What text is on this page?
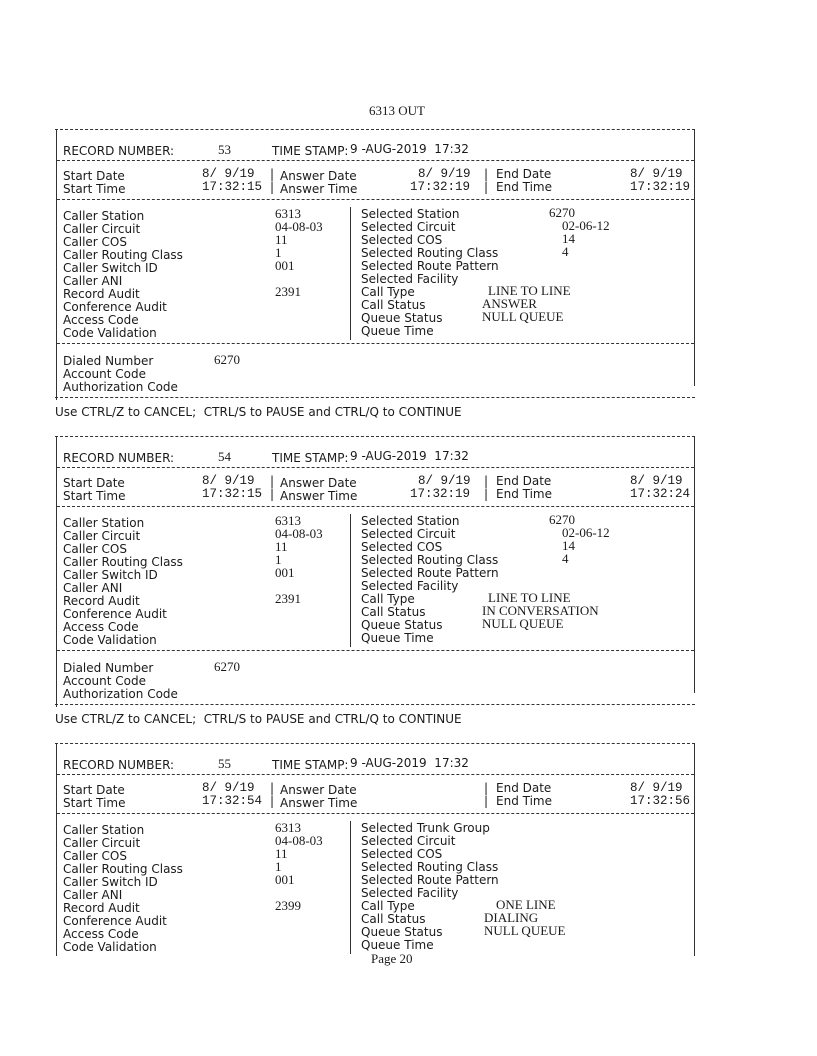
6313 OUT
RECORD NUMBER:	53	TIME STAMP: 9 -AUG-2019  17:32
Start Date	8/ 9/19 | Answer Date	8/ 9/19 | End Date	8/ 9/19
Start Time	17:32:15 | Answer Time	17:32:19 | End Time	17:32:19
Caller Station	6313	Selected Station	6270
Caller Circuit	04-08-03	Selected Circuit	02-06-12
Caller COS	11	Selected COS	14
Caller Routing Class	1	Selected Routing Class	4
Caller Switch ID	001	Selected Route Pattern
Caller ANI	Selected Facility
Record Audit	2391	Call Type	LINE TO LINE
Conference Audit	Call Status	ANSWER
Access Code	Queue Status	NULL QUEUE
Code Validation	Queue Time
Dialed Number	6270
Account Code
Authorization Code
Use CTRL/Z to CANCEL;  CTRL/S to PAUSE and CTRL/Q to CONTINUE
RECORD NUMBER:	54	TIME STAMP: 9 -AUG-2019  17:32
Start Date	8/ 9/19 | Answer Date	8/ 9/19 | End Date	8/ 9/19
Start Time	17:32:15 | Answer Time	17:32:19 | End Time	17:32:24
Caller Station	6313	Selected Station	6270
Caller Circuit	04-08-03	Selected Circuit	02-06-12
Caller COS	11	Selected COS	14
Caller Routing Class	1	Selected Routing Class	4
Caller Switch ID	001	Selected Route Pattern
Caller ANI	Selected Facility
Record Audit	2391	Call Type	LINE TO LINE
Conference Audit	Call Status	IN CONVERSATION
Access Code	Queue Status	NULL QUEUE
Code Validation	Queue Time
Dialed Number	6270
Account Code
Authorization Code
Use CTRL/Z to CANCEL;  CTRL/S to PAUSE and CTRL/Q to CONTINUE
RECORD NUMBER:	55	TIME STAMP: 9 -AUG-2019  17:32
Start Date	8/ 9/19 | Answer Date	| End Date	8/ 9/19
Start Time	17:32:54 | Answer Time	| End Time	17:32:56
Caller Station	6313	Selected Trunk Group
Caller Circuit	04-08-03	Selected Circuit
Caller COS	11	Selected COS
Caller Routing Class	1	Selected Routing Class
Caller Switch ID	001	Selected Route Pattern
Caller ANI	Selected Facility
Record Audit	2399	Call Type	ONE LINE
Conference Audit	Call Status	DIALING
Access Code	Queue Status	NULL QUEUE
Code Validation	Queue Time
Page 20
